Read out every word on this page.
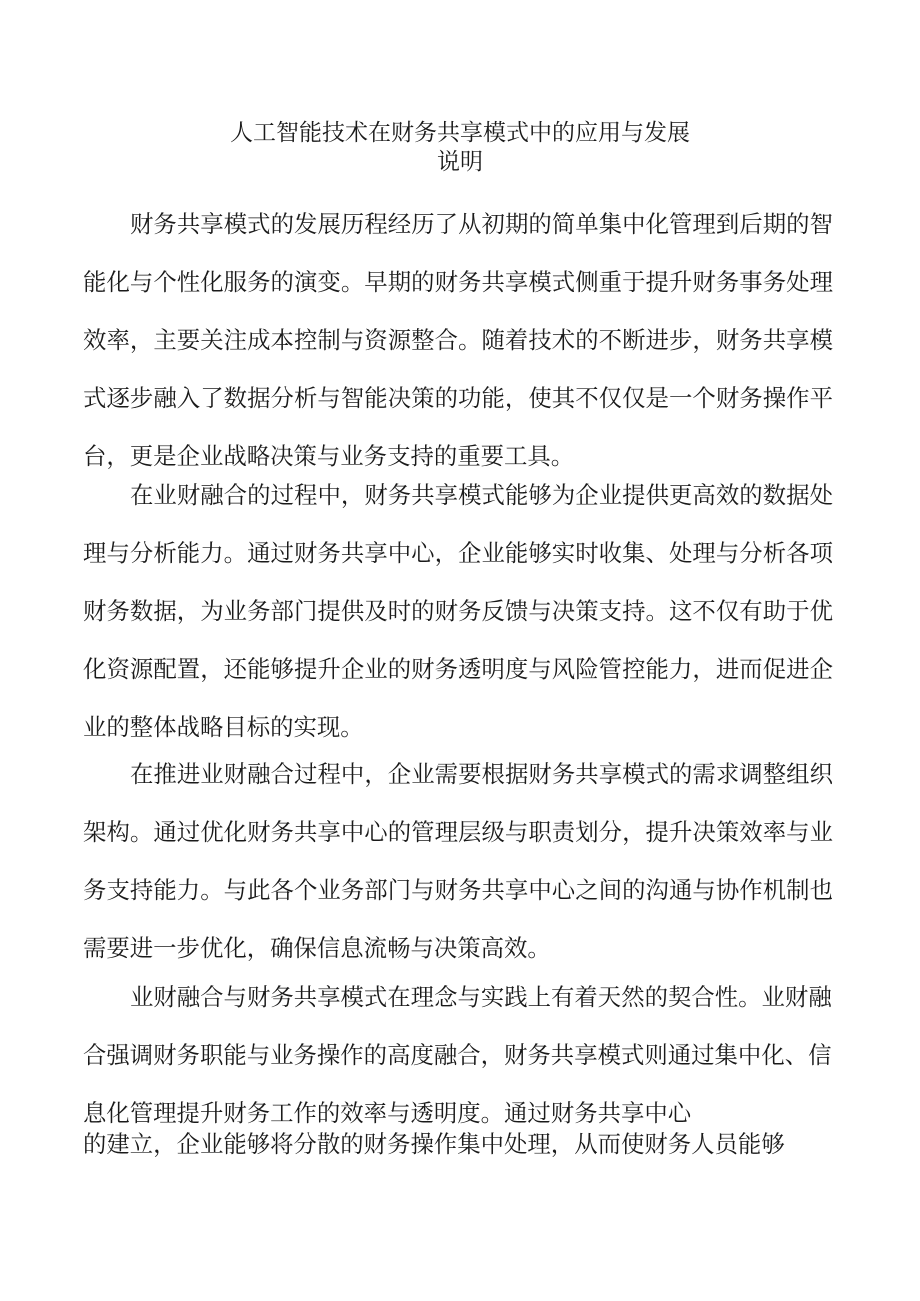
人工智能技术在财务共享模式中的应用与发展
说明

财务共享模式的发展历程经历了从初期的简单集中化管理到后期的智能化与个性化服务的演变。早期的财务共享模式侧重于提升财务事务处理效率，主要关注成本控制与资源整合。随着技术的不断进步，财务共享模式逐步融入了数据分析与智能决策的功能，使其不仅仅是一个财务操作平台，更是企业战略决策与业务支持的重要工具。

在业财融合的过程中，财务共享模式能够为企业提供更高效的数据处理与分析能力。通过财务共享中心，企业能够实时收集、处理与分析各项财务数据，为业务部门提供及时的财务反馈与决策支持。这不仅有助于优化资源配置，还能够提升企业的财务透明度与风险管控能力，进而促进企业的整体战略目标的实现。

在推进业财融合过程中，企业需要根据财务共享模式的需求调整组织架构。通过优化财务共享中心的管理层级与职责划分，提升决策效率与业务支持能力。与此各个业务部门与财务共享中心之间的沟通与协作机制也需要进一步优化，确保信息流畅与决策高效。

业财融合与财务共享模式在理念与实践上有着天然的契合性。业财融合强调财务职能与业务操作的高度融合，财务共享模式则通过集中化、信息化管理提升财务工作的效率与透明度。通过财务共享中心

的建立，企业能够将分散的财务操作集中处理，从而使财务人员能够
